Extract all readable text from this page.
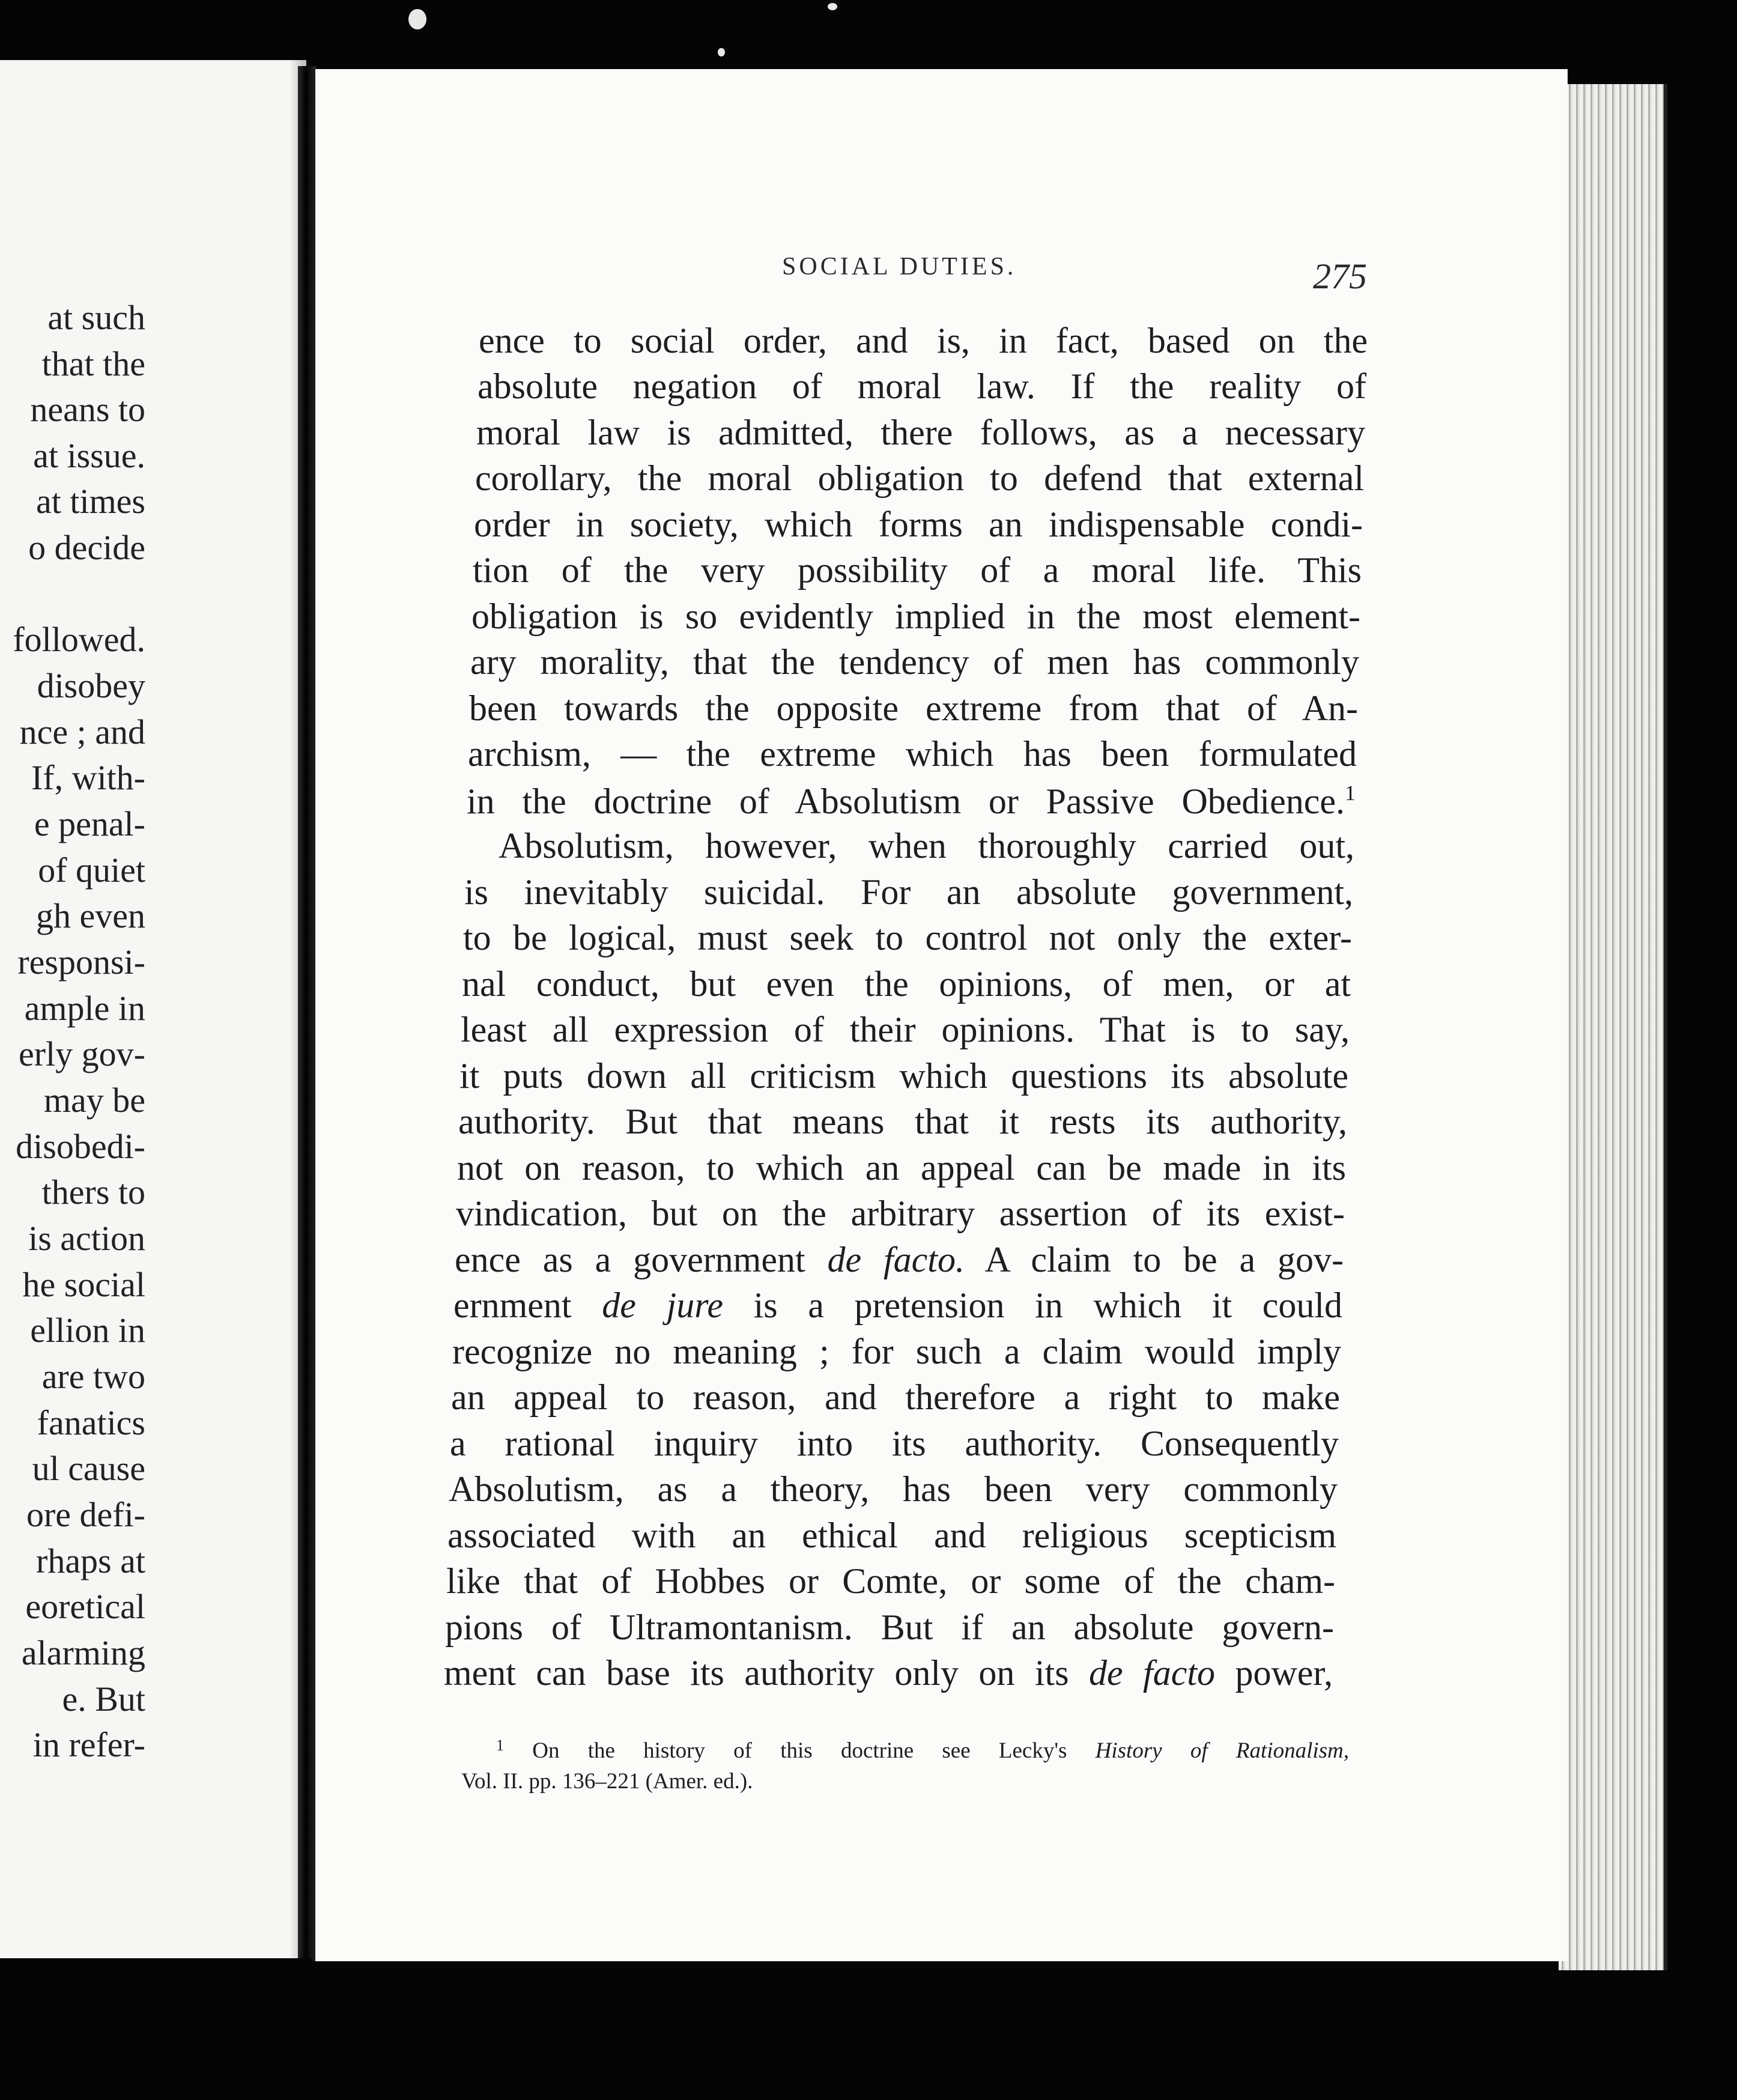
at such
that the
neans to
at issue.
at times
o decide
followed.
disobey
nce ; and
If, with-
e penal-
of quiet
gh even
responsi-
ample in
erly gov-
may be
disobedi-
thers to
is action
he social
ellion in
are two
fanatics
ul cause
ore defi-
rhaps at
eoretical
alarming
e. But
in refer-
SOCIAL DUTIES.	275
ence to social order, and is, in fact, based on the
absolute negation of moral law. If the reality of
moral law is admitted, there follows, as a necessary
corollary, the moral obligation to defend that external
order in society, which forms an indispensable condi-
tion of the very possibility of a moral life. This
obligation is so evidently implied in the most element-
ary morality, that the tendency of men has commonly
been towards the opposite extreme from that of An-
archism, — the extreme which has been formulated
in the doctrine of Absolutism or Passive Obedience.$^1$
Absolutism, however, when thoroughly carried out,
is inevitably suicidal. For an absolute government,
to be logical, must seek to control not only the exter-
nal conduct, but even the opinions, of men, or at
least all expression of their opinions. That is to say,
it puts down all criticism which questions its absolute
authority. But that means that it rests its authority,
not on reason, to which an appeal can be made in its
vindication, but on the arbitrary assertion of its exist-
ence as a government de facto. A claim to be a gov-
ernment de jure is a pretension in which it could
recognize no meaning ; for such a claim would imply
an appeal to reason, and therefore a right to make
a rational inquiry into its authority. Consequently
Absolutism, as a theory, has been very commonly
associated with an ethical and religious scepticism
like that of Hobbes or Comte, or some of the cham-
pions of Ultramontanism. But if an absolute govern-
ment can base its authority only on its de facto power,
$^1$ On the history of this doctrine see Lecky's History of Rationalism,
Vol. II. pp. 136–221 (Amer. ed.).
